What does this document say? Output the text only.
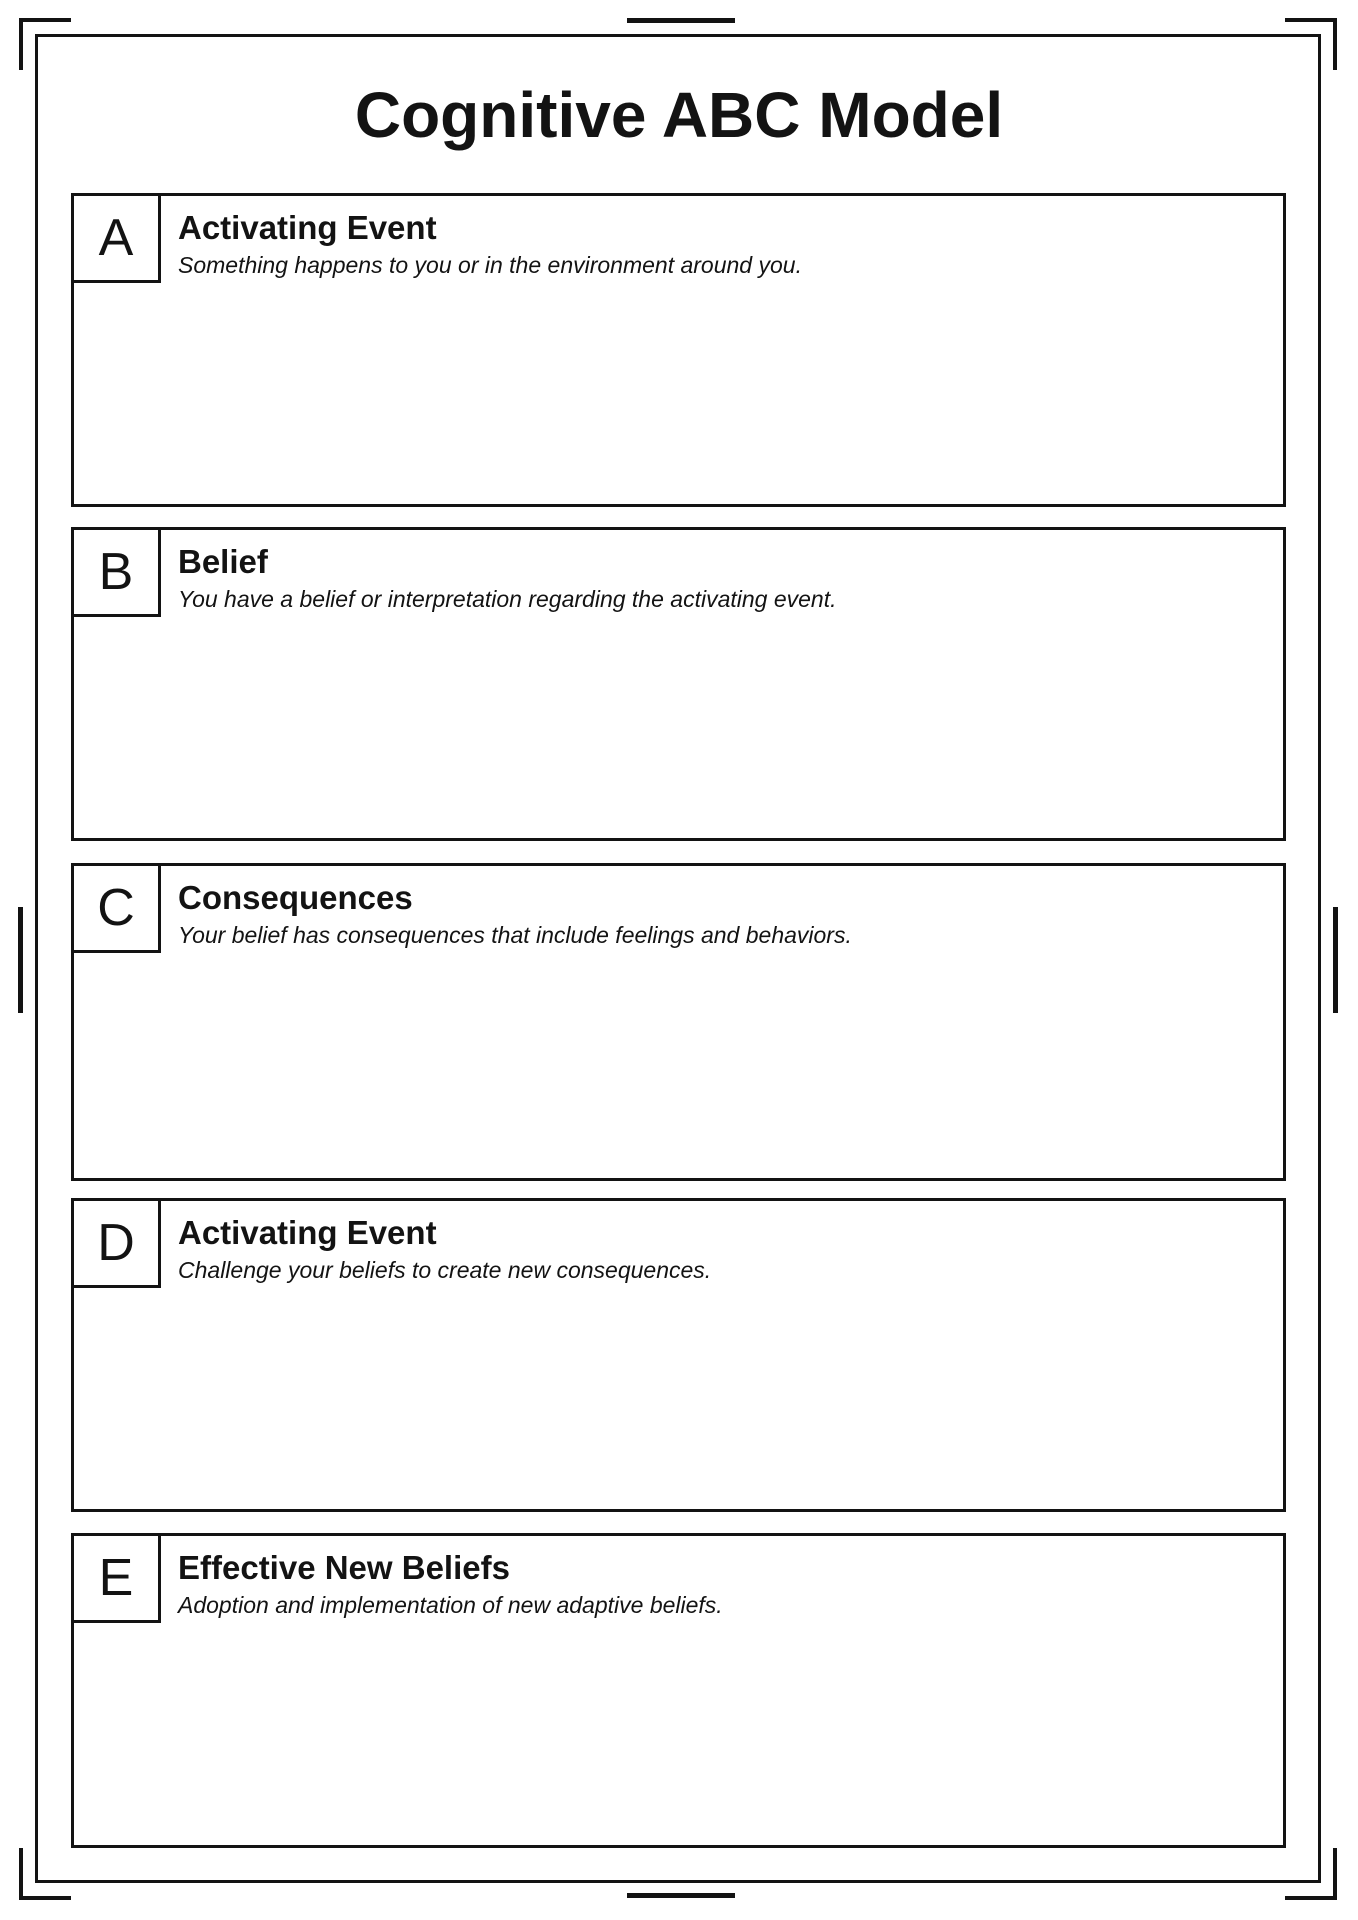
Cognitive ABC Model
A	Activating Event
Something happens to you or in the environment around you.
B	Belief
You have a belief or interpretation regarding the activating event.
C	Consequences
Your belief has consequences that include feelings and behaviors.
D	Activating Event
Challenge your beliefs to create new consequences.
E	Effective New Beliefs
Adoption and implementation of new adaptive beliefs.
